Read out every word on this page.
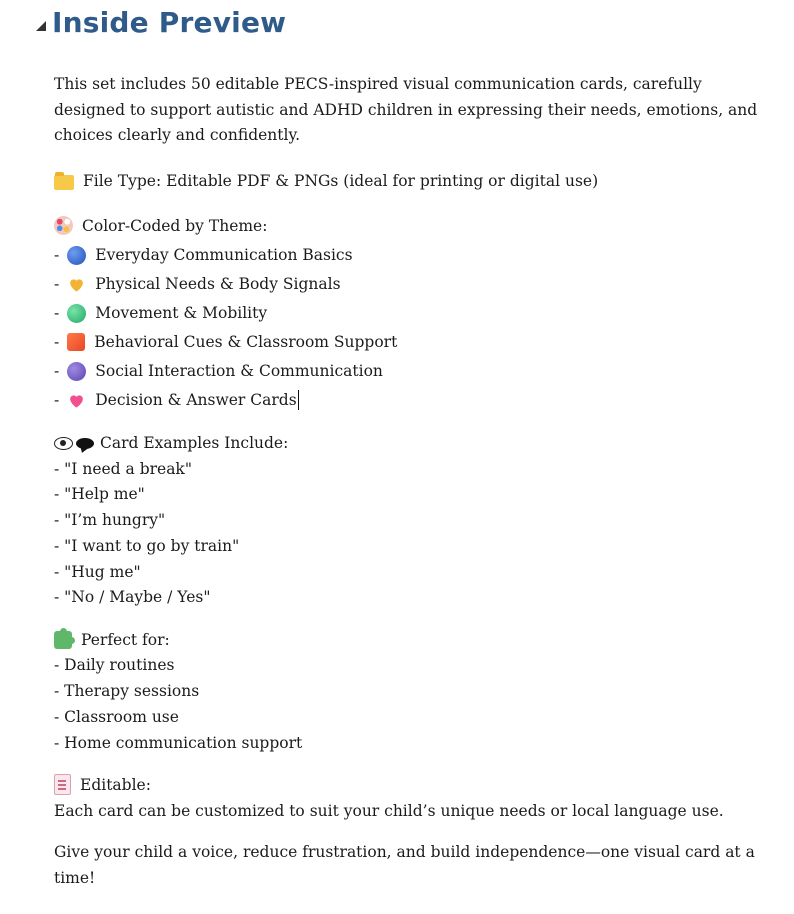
Inside Preview

This set includes 50 editable PECS-inspired visual communication cards, carefully designed to support autistic and ADHD children in expressing their needs, emotions, and choices clearly and confidently.

File Type: Editable PDF & PNGs (ideal for printing or digital use)
Color-Coded by Theme:
- Everyday Communication Basics
- Physical Needs & Body Signals
- Movement & Mobility
- Behavioral Cues & Classroom Support
- Social Interaction & Communication
- Decision & Answer Cards
Card Examples Include:
- "I need a break"
- "Help me"
- "I’m hungry"
- "I want to go by train"
- "Hug me"
- "No / Maybe / Yes"
Perfect for:
- Daily routines
- Therapy sessions
- Classroom use
- Home communication support
Editable:

Each card can be customized to suit your child’s unique needs or local language use.

Give your child a voice, reduce frustration, and build independence—one visual card at a time!
